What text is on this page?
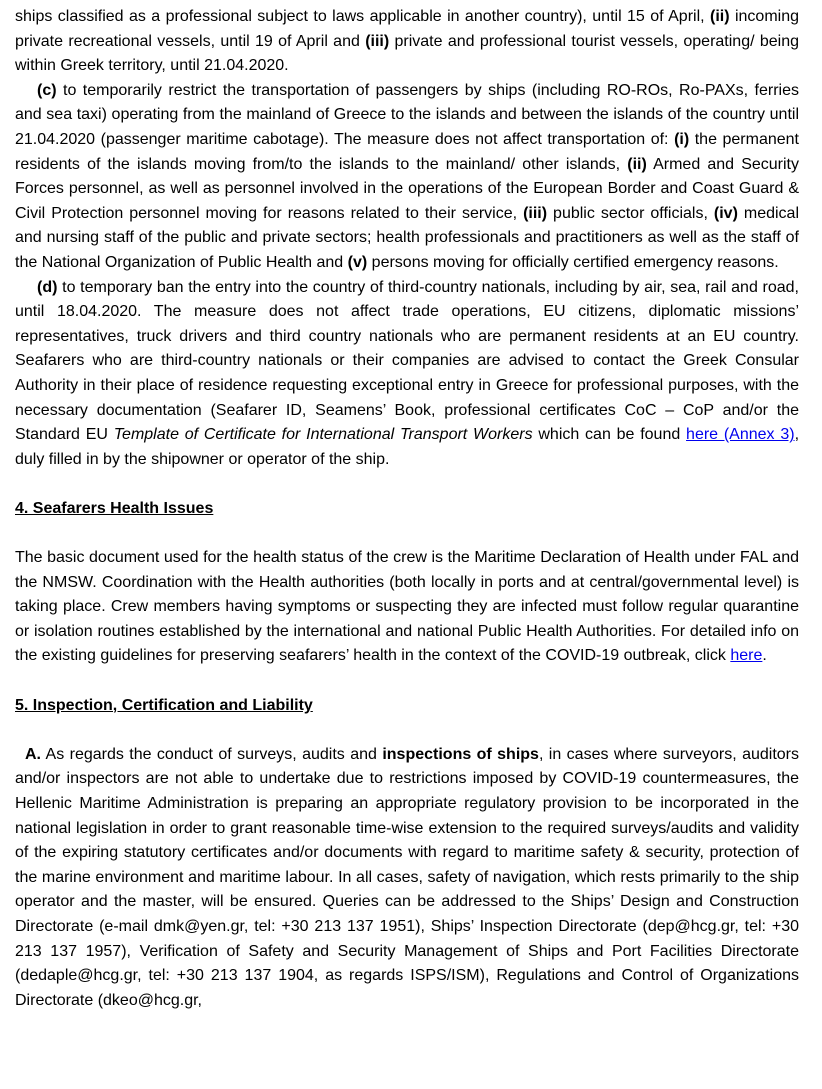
ships classified as a professional subject to laws applicable in another country), until 15 of April, (ii) incoming private recreational vessels, until 19 of April and (iii) private and professional tourist vessels, operating/ being within Greek territory, until 21.04.2020.

(c) to temporarily restrict the transportation of passengers by ships (including RO-ROs, Ro-PAXs, ferries and sea taxi) operating from the mainland of Greece to the islands and between the islands of the country until 21.04.2020 (passenger maritime cabotage). The measure does not affect transportation of: (i) the permanent residents of the islands moving from/to the islands to the mainland/ other islands, (ii) Armed and Security Forces personnel, as well as personnel involved in the operations of the European Border and Coast Guard & Civil Protection personnel moving for reasons related to their service, (iii) public sector officials, (iv) medical and nursing staff of the public and private sectors; health professionals and practitioners as well as the staff of the National Organization of Public Health and (v) persons moving for officially certified emergency reasons.

(d) to temporary ban the entry into the country of third-country nationals, including by air, sea, rail and road, until 18.04.2020. The measure does not affect trade operations, EU citizens, diplomatic missions’ representatives, truck drivers and third country nationals who are permanent residents at an EU country. Seafarers who are third-country nationals or their companies are advised to contact the Greek Consular Authority in their place of residence requesting exceptional entry in Greece for professional purposes, with the necessary documentation (Seafarer ID, Seamens’ Book, professional certificates CoC – CoP and/or the Standard EU Template of Certificate for International Transport Workers which can be found here (Annex 3), duly filled in by the shipowner or operator of the ship.

4. Seafarers Health Issues

The basic document used for the health status of the crew is the Maritime Declaration of Health under FAL and the NMSW. Coordination with the Health authorities (both locally in ports and at central/governmental level) is taking place. Crew members having symptoms or suspecting they are infected must follow regular quarantine or isolation routines established by the international and national Public Health Authorities. For detailed info on the existing guidelines for preserving seafarers’ health in the context of the COVID-19 outbreak, click here.

5. Inspection, Certification and Liability

A. As regards the conduct of surveys, audits and inspections of ships, in cases where surveyors, auditors and/or inspectors are not able to undertake due to restrictions imposed by COVID-19 countermeasures, the Hellenic Maritime Administration is preparing an appropriate regulatory provision to be incorporated in the national legislation in order to grant reasonable time-wise extension to the required surveys/audits and validity of the expiring statutory certificates and/or documents with regard to maritime safety & security, protection of the marine environment and maritime labour. In all cases, safety of navigation, which rests primarily to the ship operator and the master, will be ensured. Queries can be addressed to the Ships’ Design and Construction Directorate (e-mail dmk@yen.gr, tel: +30 213 137 1951), Ships’ Inspection Directorate (dep@hcg.gr, tel: +30 213 137 1957), Verification of Safety and Security Management of Ships and Port Facilities Directorate (dedaple@hcg.gr, tel: +30 213 137 1904, as regards ISPS/ISM), Regulations and Control of Organizations Directorate (dkeo@hcg.gr,
